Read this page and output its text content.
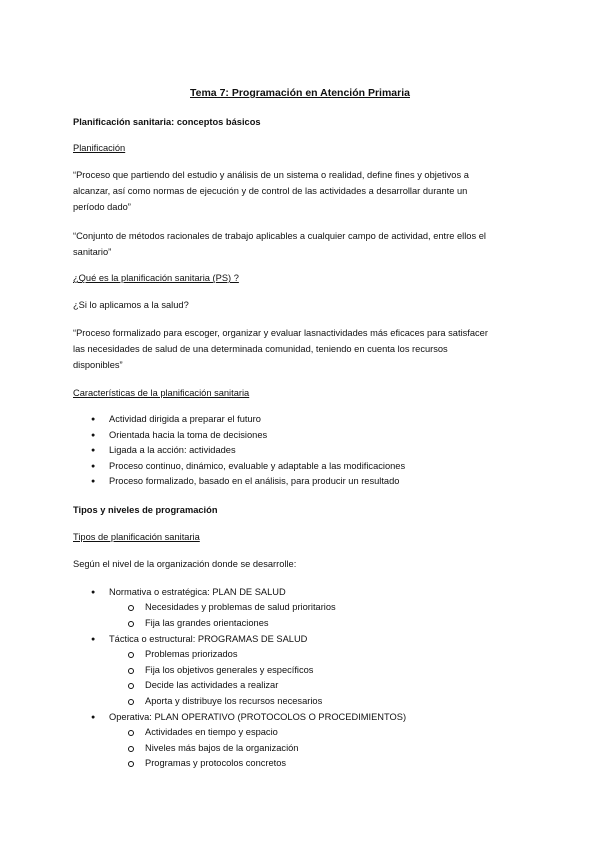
Tema 7: Programación en Atención Primaria

Planificación sanitaria: conceptos básicos

Planificación

“Proceso que partiendo del estudio y análisis de un sistema o realidad, define fines y objetivos a

alcanzar, así como normas de ejecución y de control de las actividades a desarrollar durante un

período dado”

“Conjunto de métodos racionales de trabajo aplicables a cualquier campo de actividad, entre ellos el

sanitario”

¿Qué es la planificación sanitaria (PS) ?

¿Si lo aplicamos a la salud?

“Proceso formalizado para escoger, organizar y evaluar lasnactividades más eficaces para satisfacer

las necesidades de salud de una determinada comunidad, teniendo en cuenta los recursos

disponibles”

Características de la planificación sanitaria

● Actividad dirigida a preparar el futuro
● Orientada hacia la toma de decisiones
● Ligada a la acción: actividades
● Proceso continuo, dinámico, evaluable y adaptable a las modificaciones
● Proceso formalizado, basado en el análisis, para producir un resultado

Tipos y niveles de programación

Tipos de planificación sanitaria

Según el nivel de la organización donde se desarrolle:

● Normativa o estratégica: PLAN DE SALUD
Necesidades y problemas de salud prioritarios
Fija las grandes orientaciones
● Táctica o estructural: PROGRAMAS DE SALUD
Problemas priorizados
Fija los objetivos generales y específicos
Decide las actividades a realizar
Aporta y distribuye los recursos necesarios
● Operativa: PLAN OPERATIVO (PROTOCOLOS O PROCEDIMIENTOS)
Actividades en tiempo y espacio
Niveles más bajos de la organización
Programas y protocolos concretos
